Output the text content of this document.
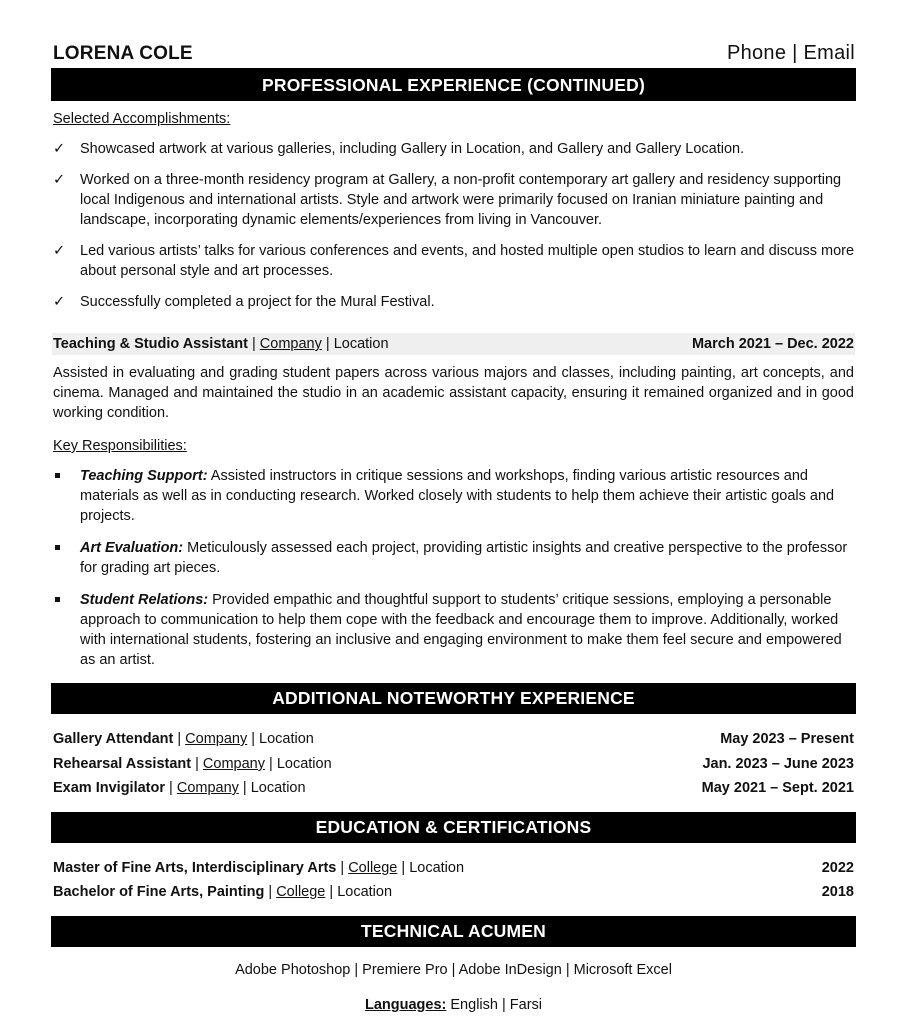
LORENA COLE	Phone | Email
PROFESSIONAL EXPERIENCE (CONTINUED)
Selected Accomplishments:
✓ Showcased artwork at various galleries, including Gallery in Location, and Gallery and Gallery Location.
✓ Worked on a three-month residency program at Gallery, a non-profit contemporary art gallery and residency supporting local Indigenous and international artists. Style and artwork were primarily focused on Iranian miniature painting and landscape, incorporating dynamic elements/experiences from living in Vancouver.
✓ Led various artists’ talks for various conferences and events, and hosted multiple open studios to learn and discuss more about personal style and art processes.
✓ Successfully completed a project for the Mural Festival.
Teaching & Studio Assistant | Company | Location	March 2021 – Dec. 2022
Assisted in evaluating and grading student papers across various majors and classes, including painting, art concepts, and cinema. Managed and maintained the studio in an academic assistant capacity, ensuring it remained organized and in good working condition.
Key Responsibilities:
Teaching Support: Assisted instructors in critique sessions and workshops, finding various artistic resources and materials as well as in conducting research. Worked closely with students to help them achieve their artistic goals and projects.
Art Evaluation: Meticulously assessed each project, providing artistic insights and creative perspective to the professor for grading art pieces.
Student Relations: Provided empathic and thoughtful support to students’ critique sessions, employing a personable approach to communication to help them cope with the feedback and encourage them to improve. Additionally, worked with international students, fostering an inclusive and engaging environment to make them feel secure and empowered as an artist.
ADDITIONAL NOTEWORTHY EXPERIENCE
Gallery Attendant | Company | Location	May 2023 – Present
Rehearsal Assistant | Company | Location	Jan. 2023 – June 2023
Exam Invigilator | Company | Location	May 2021 – Sept. 2021
EDUCATION & CERTIFICATIONS
Master of Fine Arts, Interdisciplinary Arts | College | Location	2022
Bachelor of Fine Arts, Painting | College | Location	2018
TECHNICAL ACUMEN
Adobe Photoshop | Premiere Pro | Adobe InDesign | Microsoft Excel
Languages: English | Farsi
